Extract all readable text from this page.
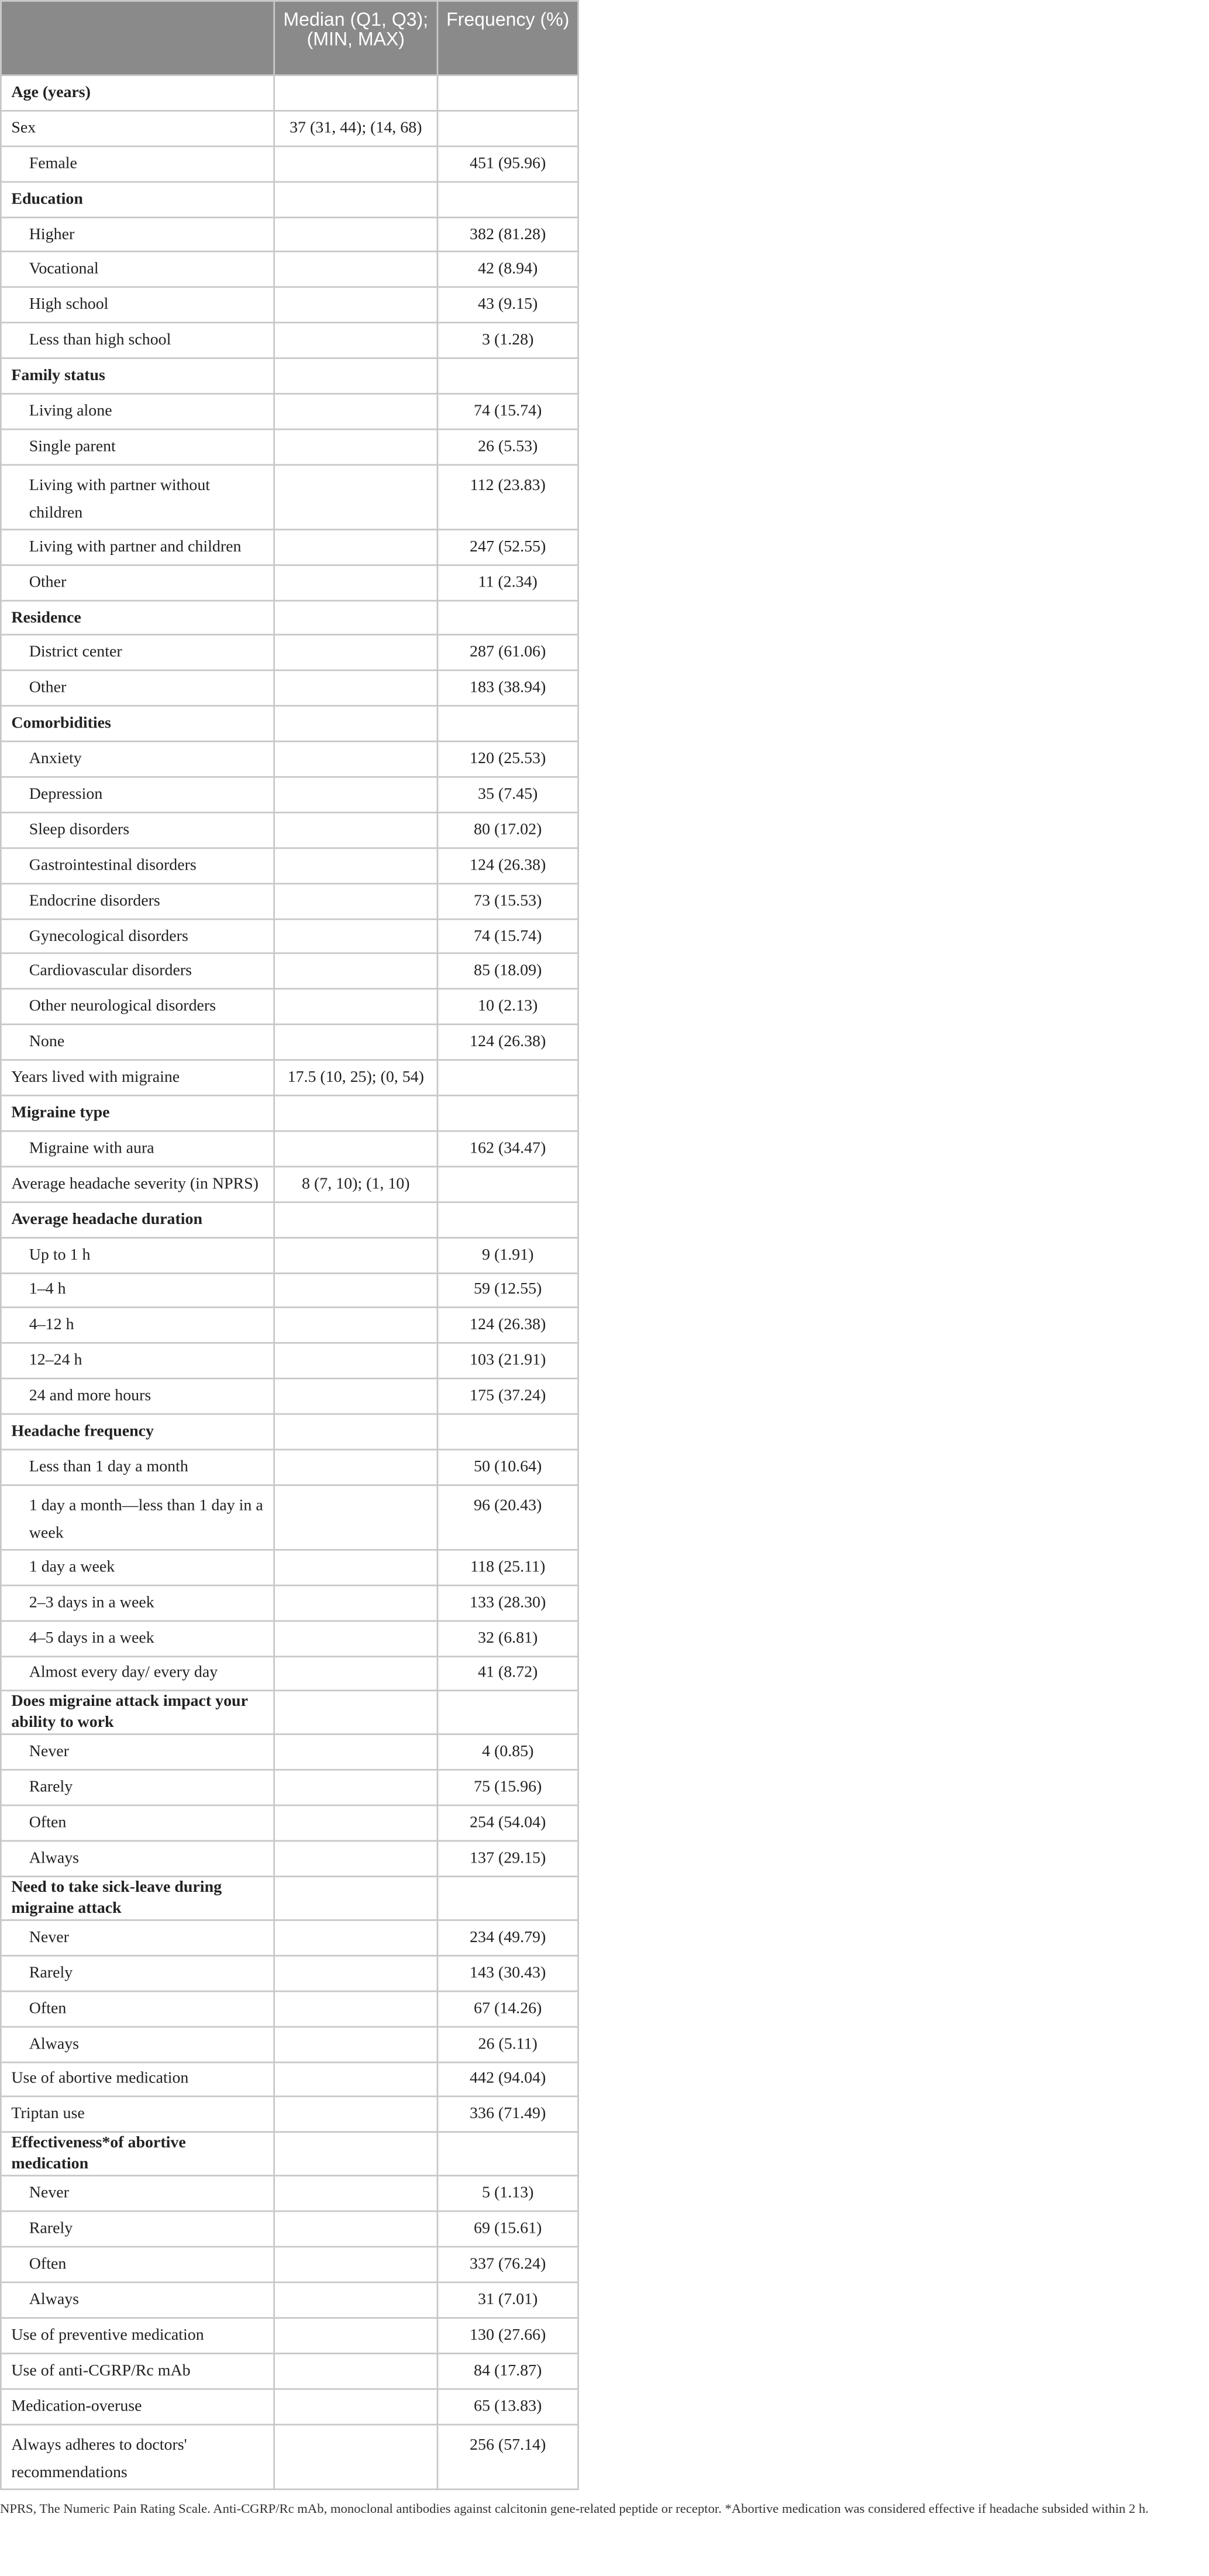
	Median (Q1, Q3); (MIN, MAX)	Frequency (%)
Age (years)		
Sex	37 (31, 44); (14, 68)	
Female		451 (95.96)
Education		
Higher		382 (81.28)
Vocational		42 (8.94)
High school		43 (9.15)
Less than high school		3 (1.28)
Family status		
Living alone		74 (15.74)
Single parent		26 (5.53)
Living with partner without children		112 (23.83)
Living with partner and children		247 (52.55)
Other		11 (2.34)
Residence		
District center		287 (61.06)
Other		183 (38.94)
Comorbidities		
Anxiety		120 (25.53)
Depression		35 (7.45)
Sleep disorders		80 (17.02)
Gastrointestinal disorders		124 (26.38)
Endocrine disorders		73 (15.53)
Gynecological disorders		74 (15.74)
Cardiovascular disorders		85 (18.09)
Other neurological disorders		10 (2.13)
None		124 (26.38)
Years lived with migraine	17.5 (10, 25); (0, 54)	
Migraine type		
Migraine with aura		162 (34.47)
Average headache severity (in NPRS)	8 (7, 10); (1, 10)	
Average headache duration		
Up to 1 h		9 (1.91)
1–4 h		59 (12.55)
4–12 h		124 (26.38)
12–24 h		103 (21.91)
24 and more hours		175 (37.24)
Headache frequency		
Less than 1 day a month		50 (10.64)
1 day a month—less than 1 day in a week		96 (20.43)
1 day a week		118 (25.11)
2–3 days in a week		133 (28.30)
4–5 days in a week		32 (6.81)
Almost every day/ every day		41 (8.72)
Does migraine attack impact your ability to work		
Never		4 (0.85)
Rarely		75 (15.96)
Often		254 (54.04)
Always		137 (29.15)
Need to take sick-leave during migraine attack		
Never		234 (49.79)
Rarely		143 (30.43)
Often		67 (14.26)
Always		26 (5.11)
Use of abortive medication		442 (94.04)
Triptan use		336 (71.49)
Effectiveness*of abortive medication		
Never		5 (1.13)
Rarely		69 (15.61)
Often		337 (76.24)
Always		31 (7.01)
Use of preventive medication		130 (27.66)
Use of anti-CGRP/Rc mAb		84 (17.87)
Medication-overuse		65 (13.83)
Always adheres to doctors' recommendations		256 (57.14)
NPRS, The Numeric Pain Rating Scale. Anti-CGRP/Rc mAb, monoclonal antibodies against calcitonin gene-related peptide or receptor. *Abortive medication was considered effective if headache subsided within 2 h.
